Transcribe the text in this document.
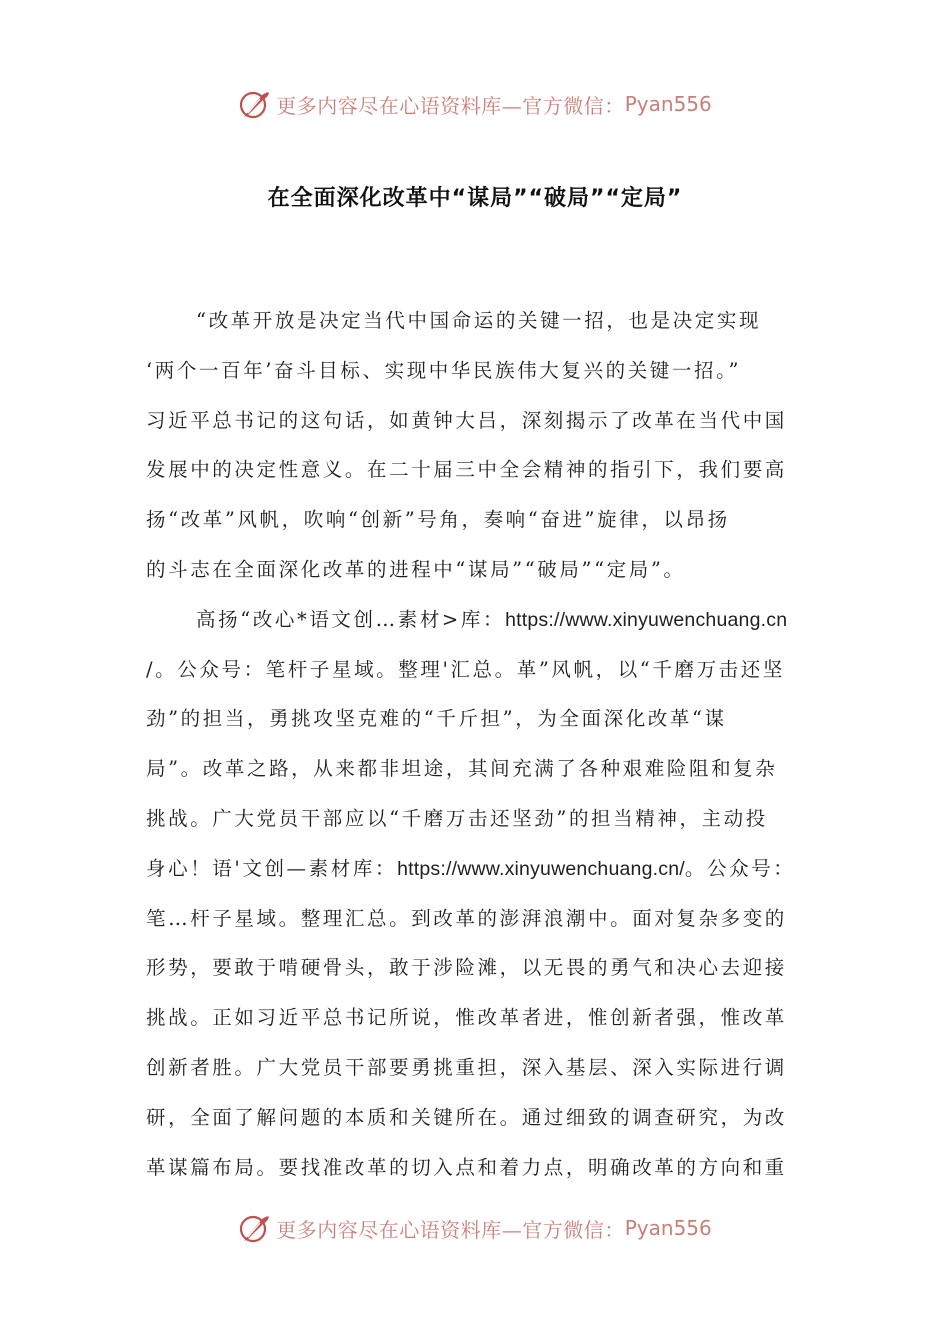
更多内容尽在心语资料库—官方微信： Pyan556
在全面深化改革中“谋局”“破局”“定局”
“改革开放是决定当代中国命运的关键一招，也是决定实现
‘两个一百年’奋斗目标、实现中华民族伟大复兴的关键一招。”
习近平总书记的这句话，如黄钟大吕，深刻揭示了改革在当代中国
发展中的决定性意义。在二十届三中全会精神的指引下，我们要高
扬“改革”风帆，吹响“创新”号角，奏响“奋进”旋律，以昂扬
的斗志在全面深化改革的进程中“谋局”“破局”“定局”。
高扬“改心*语文创…素材>库：https://www.xinyuwenchuang.cn
/。公众号：笔杆子星域。整理'汇总。革”风帆，以“千磨万击还坚
劲”的担当，勇挑攻坚克难的“千斤担”，为全面深化改革“谋
局”。改革之路，从来都非坦途，其间充满了各种艰难险阻和复杂
挑战。广大党员干部应以“千磨万击还坚劲”的担当精神，主动投
身心！语'文创—素材库：https://www.xinyuwenchuang.cn/。公众号：
笔…杆子星域。整理汇总。到改革的澎湃浪潮中。面对复杂多变的
形势，要敢于啃硬骨头，敢于涉险滩，以无畏的勇气和决心去迎接
挑战。正如习近平总书记所说，惟改革者进，惟创新者强，惟改革
创新者胜。广大党员干部要勇挑重担，深入基层、深入实际进行调
研，全面了解问题的本质和关键所在。通过细致的调查研究，为改
革谋篇布局。要找准改革的切入点和着力点，明确改革的方向和重
更多内容尽在心语资料库—官方微信： Pyan556
